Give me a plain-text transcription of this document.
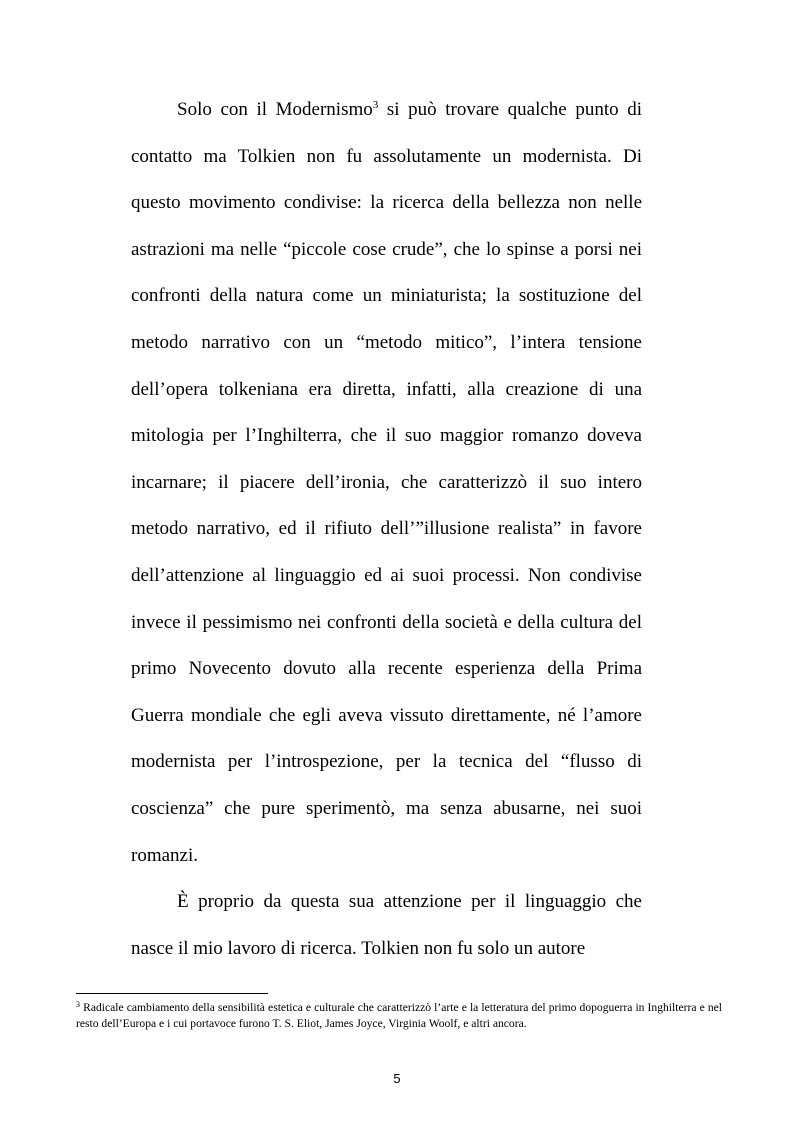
Solo con il Modernismo$^3$ si può trovare qualche punto di contatto ma Tolkien non fu assolutamente un modernista. Di questo movimento condivise: la ricerca della bellezza non nelle astrazioni ma nelle “piccole cose crude”, che lo spinse a porsi nei confronti della natura come un miniaturista; la sostituzione del metodo narrativo con un “metodo mitico”, l’intera tensione dell’opera tolkeniana era diretta, infatti, alla creazione di una mitologia per l’Inghilterra, che il suo maggior romanzo doveva incarnare; il piacere dell’ironia, che caratterizzò il suo intero metodo narrativo, ed il rifiuto dell’”illusione realista” in favore dell’attenzione al linguaggio ed ai suoi processi. Non condivise invece il pessimismo nei confronti della società e della cultura del primo Novecento dovuto alla recente esperienza della Prima Guerra mondiale che egli aveva vissuto direttamente, né l’amore modernista per l’introspezione, per la tecnica del “flusso di coscienza” che pure sperimentò, ma senza abusarne, nei suoi romanzi.

È proprio da questa sua attenzione per il linguaggio che nasce il mio lavoro di ricerca. Tolkien non fu solo un autore

$^3$ Radicale cambiamento della sensibilità estetica e culturale che caratterizzò l’arte e la letteratura del primo dopoguerra in Inghilterra e nel resto dell’Europa e i cui portavoce furono T. S. Eliot, James Joyce, Virginia Woolf, e altri ancora.

5
